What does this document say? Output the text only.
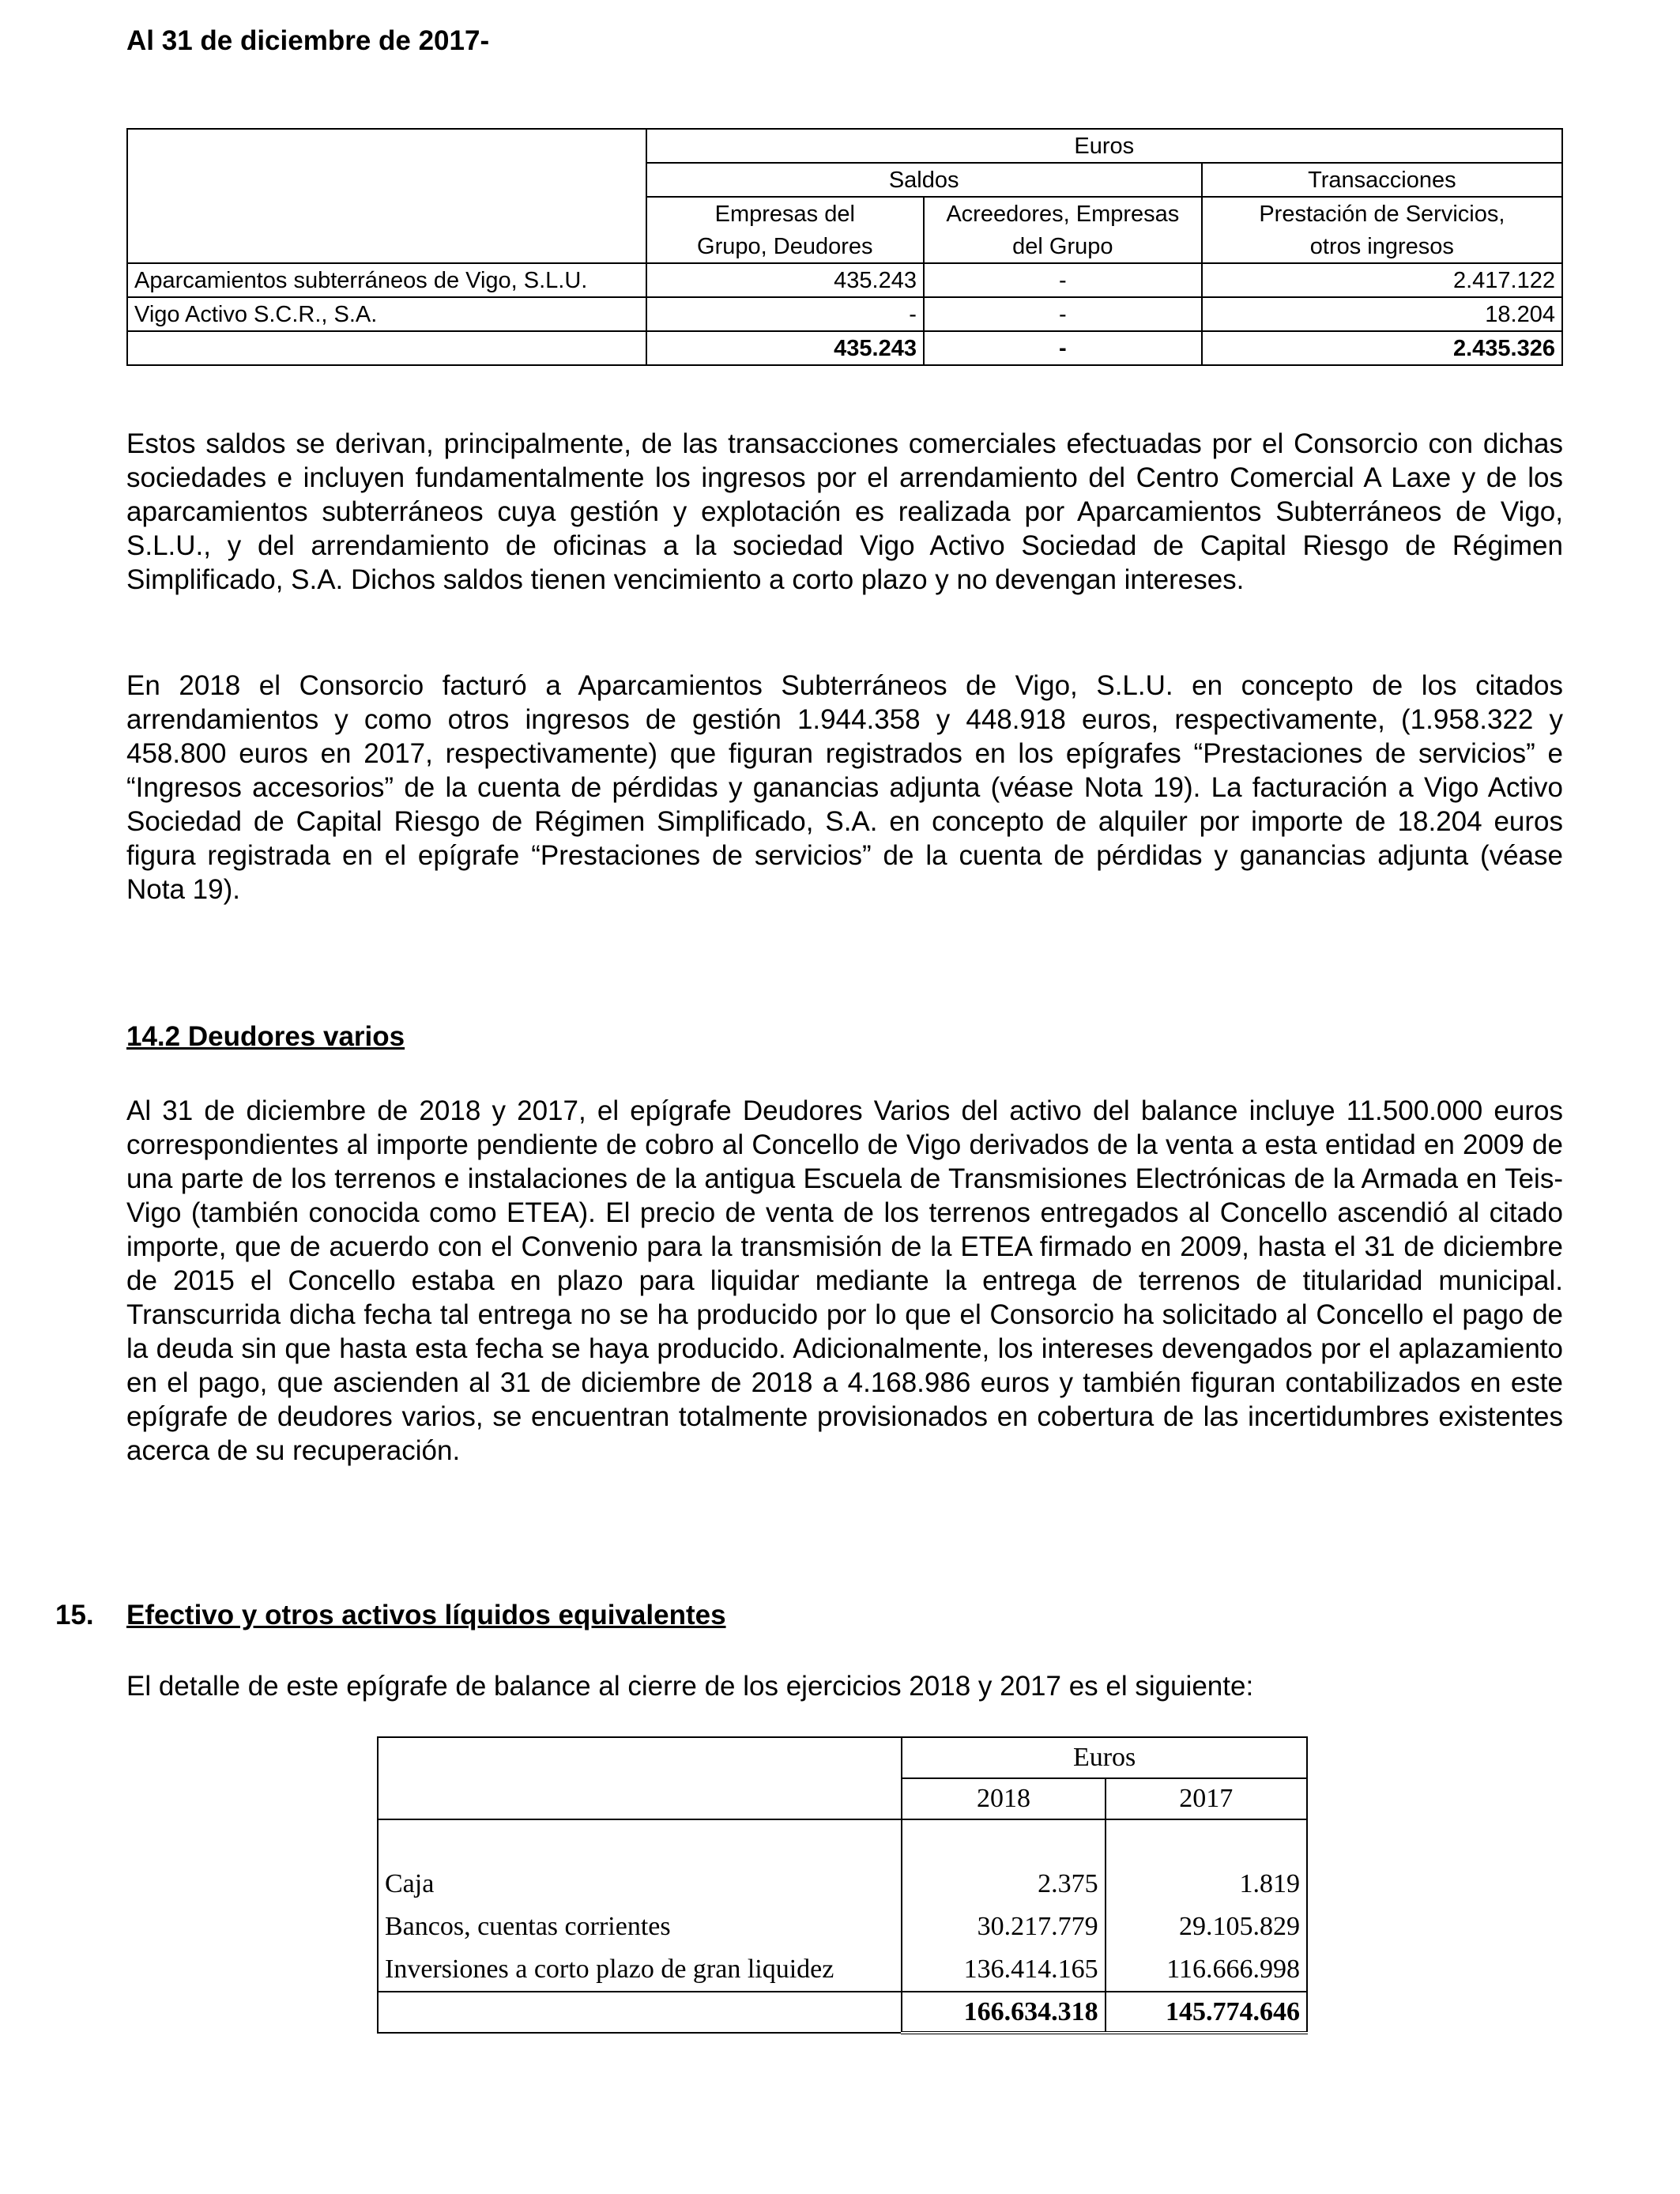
Al 31 de diciembre de 2017-
	Euros		
	Saldos		Transacciones
	Empresas del	Acreedores, Empresas	Prestación de Servicios,
	Grupo, Deudores	del Grupo	otros ingresos
Aparcamientos subterráneos de Vigo, S.L.U.	435.243	-	2.417.122
Vigo Activo S.C.R., S.A.	-	-	18.204
	435.243	-	2.435.326

Estos saldos se derivan, principalmente, de las transacciones comerciales efectuadas por el Consorcio con dichas sociedades e incluyen fundamentalmente los ingresos por el arrendamiento del Centro Comercial A Laxe y de los aparcamientos subterráneos cuya gestión y explotación es realizada por Aparcamientos Subterráneos de Vigo, S.L.U., y del arrendamiento de oficinas a la sociedad Vigo Activo Sociedad de Capital Riesgo de Régimen Simplificado, S.A. Dichos saldos tienen vencimiento a corto plazo y no devengan intereses.

En 2018 el Consorcio facturó a Aparcamientos Subterráneos de Vigo, S.L.U. en concepto de los citados arrendamientos y como otros ingresos de gestión 1.944.358 y 448.918 euros, respectivamente, (1.958.322 y 458.800 euros en 2017, respectivamente) que figuran registrados en los epígrafes “Prestaciones de servicios” e “Ingresos accesorios” de la cuenta de pérdidas y ganancias adjunta (véase Nota 19). La facturación a Vigo Activo Sociedad de Capital Riesgo de Régimen Simplificado, S.A. en concepto de alquiler por importe de 18.204 euros figura registrada en el epígrafe “Prestaciones de servicios” de la cuenta de pérdidas y ganancias adjunta (véase Nota 19).

14.2 Deudores varios

Al 31 de diciembre de 2018 y 2017, el epígrafe Deudores Varios del activo del balance incluye 11.500.000 euros correspondientes al importe pendiente de cobro al Concello de Vigo derivados de la venta a esta entidad en 2009 de una parte de los terrenos e instalaciones de la antigua Escuela de Transmisiones Electrónicas de la Armada en Teis-Vigo (también conocida como ETEA). El precio de venta de los terrenos entregados al Concello ascendió al citado importe, que de acuerdo con el Convenio para la transmisión de la ETEA firmado en 2009, hasta el 31 de diciembre de 2015 el Concello estaba en plazo para liquidar mediante la entrega de terrenos de titularidad municipal. Transcurrida dicha fecha tal entrega no se ha producido por lo que el Consorcio ha solicitado al Concello el pago de la deuda sin que hasta esta fecha se haya producido. Adicionalmente, los intereses devengados por el aplazamiento en el pago, que ascienden al 31 de diciembre de 2018 a 4.168.986 euros y también figuran contabilizados en este epígrafe de deudores varios, se encuentran totalmente provisionados en cobertura de las incertidumbres existentes acerca de su recuperación.

15. Efectivo y otros activos líquidos equivalentes

El detalle de este epígrafe de balance al cierre de los ejercicios 2018 y 2017 es el siguiente:

	Euros	
	2018	2017

Caja	2.375	1.819
Bancos, cuentas corrientes	30.217.779	29.105.829
Inversiones a corto plazo de gran liquidez	136.414.165	116.666.998
	166.634.318	145.774.646
